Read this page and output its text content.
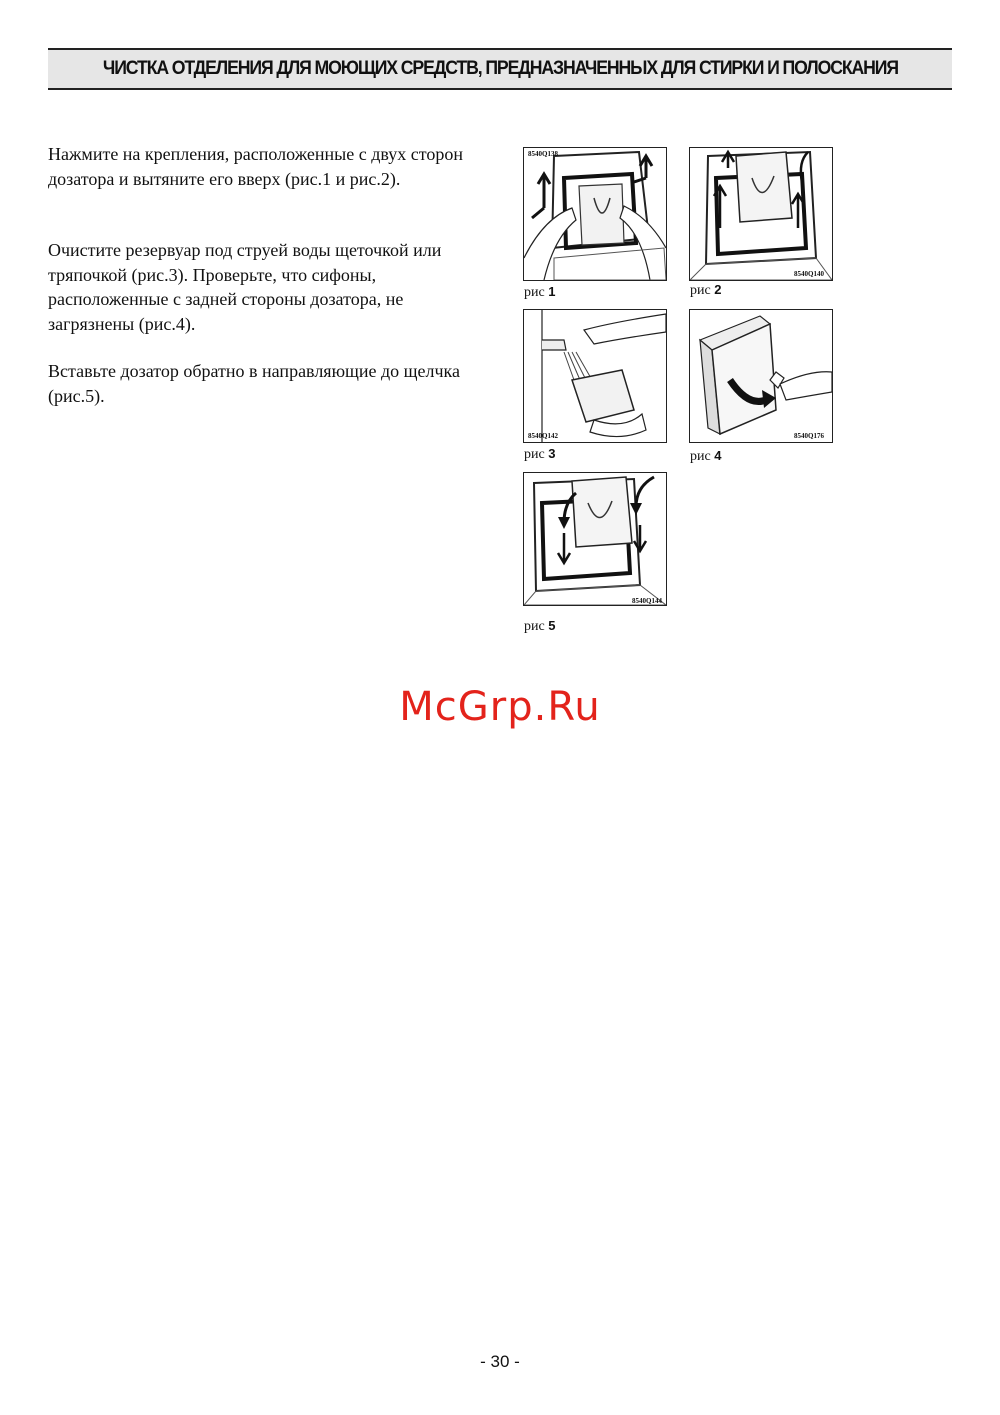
ЧИСТКА ОТДЕЛЕНИЯ ДЛЯ МОЮЩИХ СРЕДСТВ, ПРЕДНАЗНАЧЕННЫХ ДЛЯ СТИРКИ И ПОЛОСКАНИЯ

Нажмите на крепления, расположенные с двух сторон дозатора и вытяните его вверх (рис.1 и рис.2).

Очистите резервуар под струей воды щеточкой или тряпочкой (рис.3). Проверьте, что сифоны, расположенные с задней стороны дозатора, не загрязнены (рис.4).

Вставьте дозатор обратно в направляющие до щелчка (рис.5).

8540Q138
рис 1
8540Q140
рис 2
8540Q142
рис 3
8540Q176
рис 4
8540Q144
рис 5
McGrp.Ru
- 30 -
